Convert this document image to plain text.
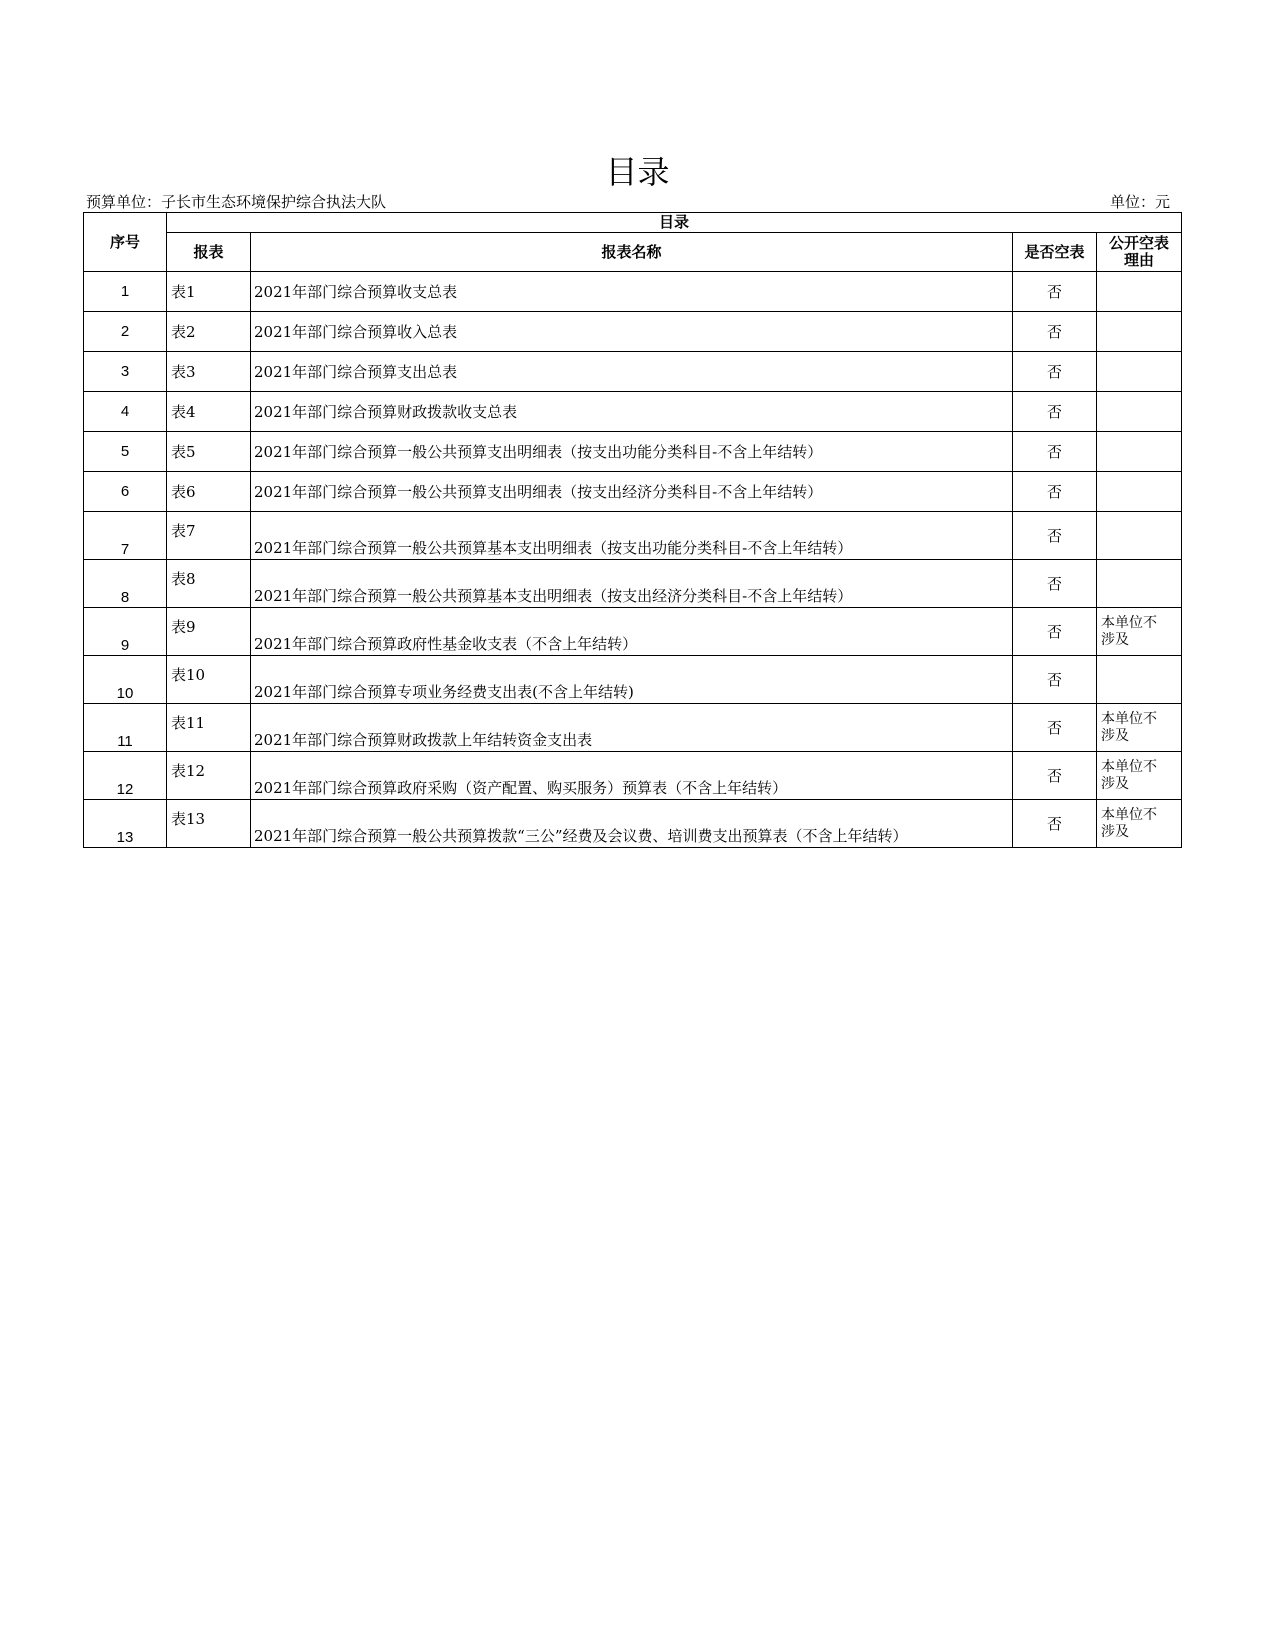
目录
预算单位：子长市生态环境保护综合执法大队	单位：元
序号	目录			
	报表	报表名称	是否空表	公开空表
理由

1	表1	2021年部门综合预算收支总表	否	
2	表2	2021年部门综合预算收入总表	否	
3	表3	2021年部门综合预算支出总表	否	
4	表4	2021年部门综合预算财政拨款收支总表	否	
5	表5	2021年部门综合预算一般公共预算支出明细表（按支出功能分类科目-不含上年结转）	否	
6	表6	2021年部门综合预算一般公共预算支出明细表（按支出经济分类科目-不含上年结转）	否	
7	表7	2021年部门综合预算一般公共预算基本支出明细表（按支出功能分类科目-不含上年结转）	否	
8	表8	2021年部门综合预算一般公共预算基本支出明细表（按支出经济分类科目-不含上年结转）	否	
9	表9	2021年部门综合预算政府性基金收支表（不含上年结转）	否	本单位不
涉及

10	表10	2021年部门综合预算专项业务经费支出表(不含上年结转)	否	
11	表11	2021年部门综合预算财政拨款上年结转资金支出表	否	本单位不
涉及

12	表12	2021年部门综合预算政府采购（资产配置、购买服务）预算表（不含上年结转）	否	本单位不
涉及

13	表13	2021年部门综合预算一般公共预算拨款“三公”经费及会议费、培训费支出预算表（不含上年结转）	否	本单位不
涉及
